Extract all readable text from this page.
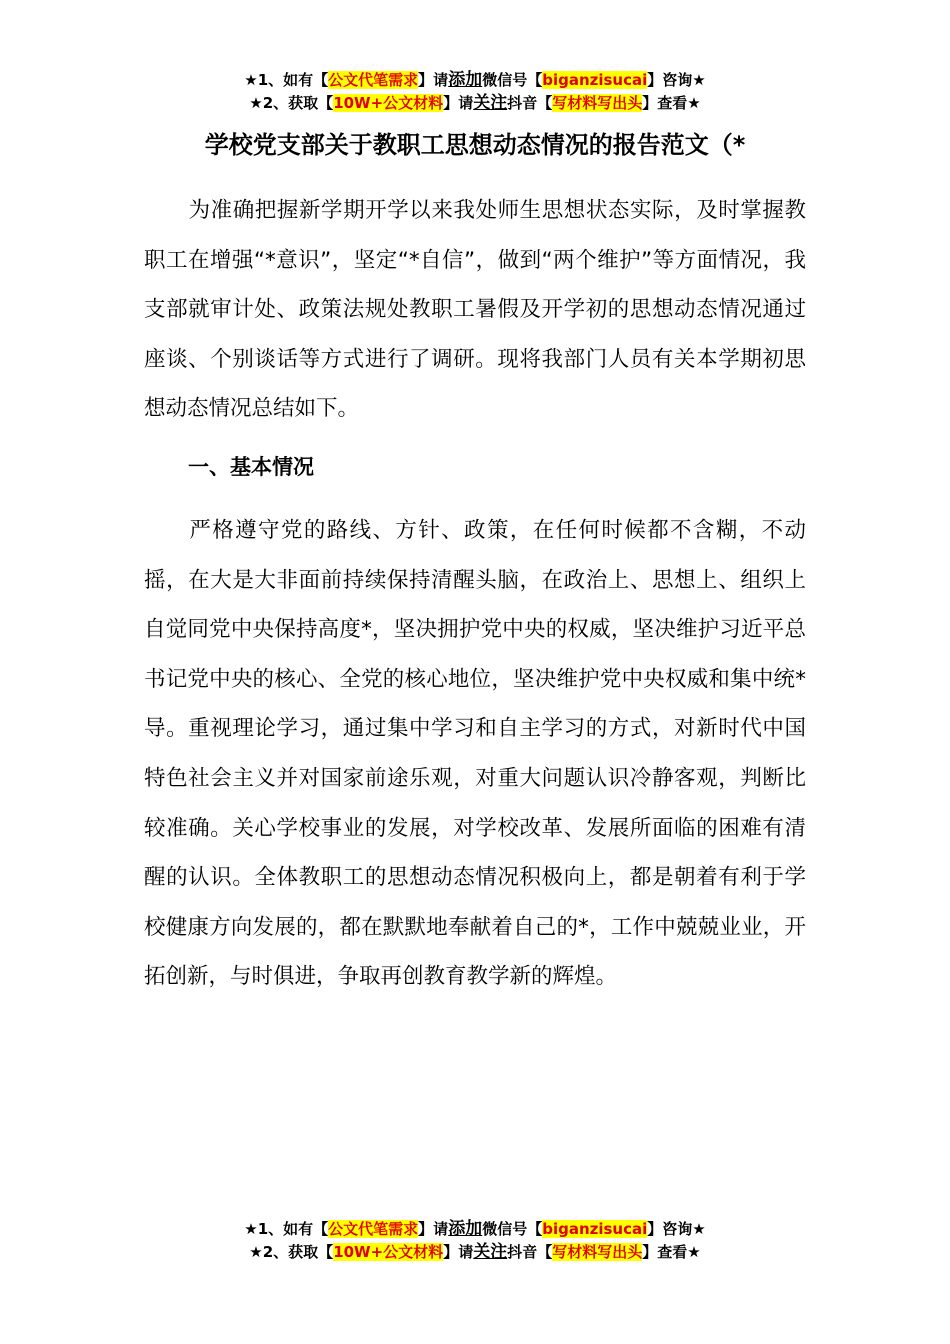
★1、如有【公文代笔需求】请添加微信号【biganzisucai】咨询★
★2、获取【10W+公文材料】请关注抖音【写材料写出头】查看★
学校党支部关于教职工思想动态情况的报告范文（*
为准确把握新学期开学以来我处师生思想状态实际，及时掌握教职工在增强“*意识”，坚定“*自信”，做到“两个维护”等方面情况，我支部就审计处、政策法规处教职工暑假及开学初的思想动态情况通过座谈、个别谈话等方式进行了调研。现将我部门人员有关本学期初思想动态情况总结如下。
一、基本情况
严格遵守党的路线、方针、政策，在任何时候都不含糊，不动摇，在大是大非面前持续保持清醒头脑，在政治上、思想上、组织上自觉同党中央保持高度*，坚决拥护党中央的权威，坚决维护习近平总书记党中央的核心、全党的核心地位，坚决维护党中央权威和集中统*导。重视理论学习，通过集中学习和自主学习的方式，对新时代中国特色社会主义并对国家前途乐观，对重大问题认识冷静客观，判断比较准确。关心学校事业的发展，对学校改革、发展所面临的困难有清醒的认识。全体教职工的思想动态情况积极向上，都是朝着有利于学校健康方向发展的，都在默默地奉献着自己的*，工作中兢兢业业，开拓创新，与时俱进，争取再创教育教学新的辉煌。
★1、如有【公文代笔需求】请添加微信号【biganzisucai】咨询★
★2、获取【10W+公文材料】请关注抖音【写材料写出头】查看★
